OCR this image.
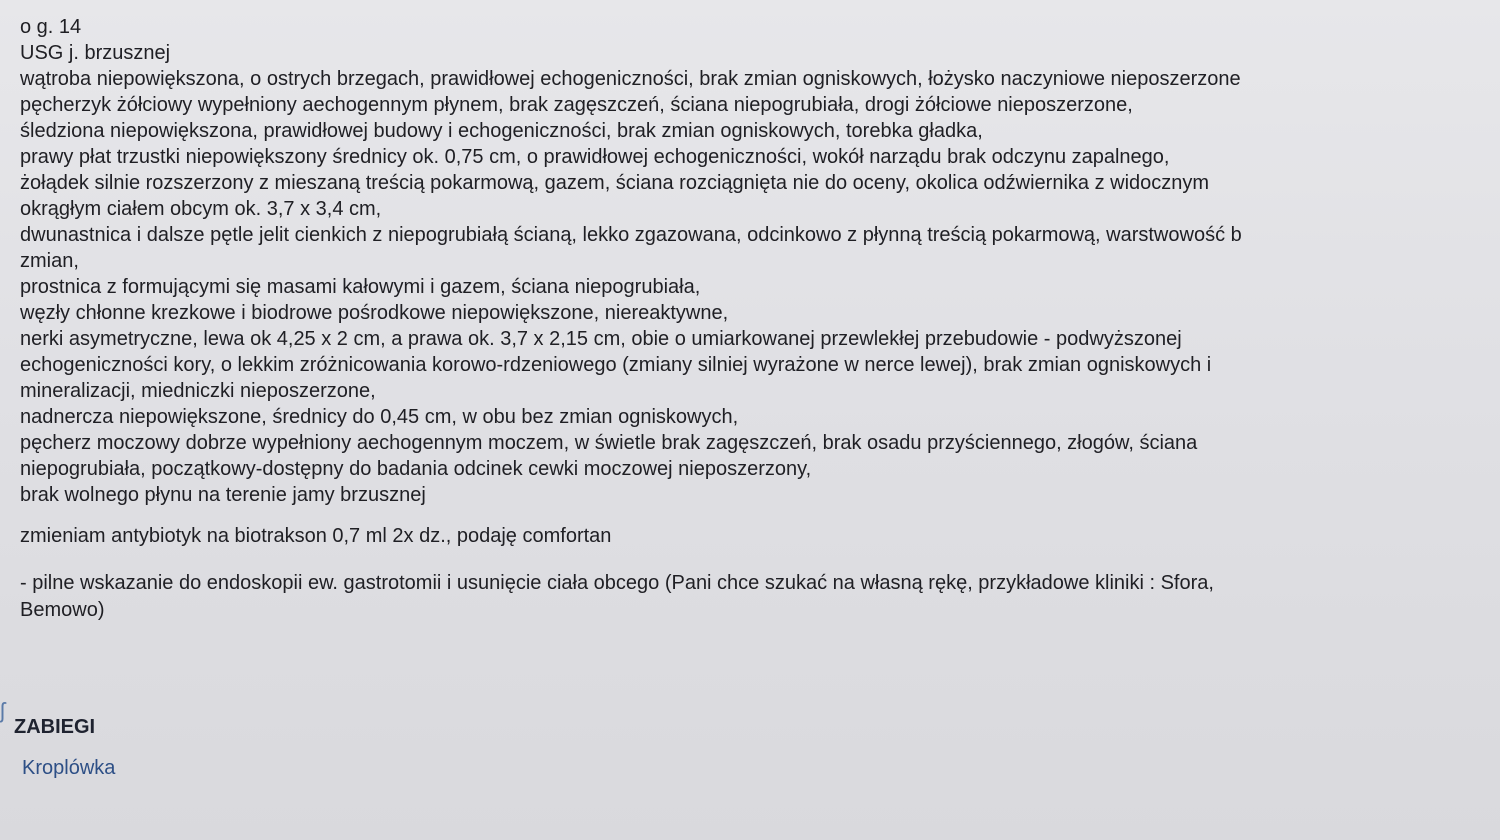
o g. 14
USG j. brzusznej
wątroba niepowiększona, o ostrych brzegach, prawidłowej echogeniczności, brak zmian ogniskowych, łożysko naczyniowe nieposzerzone
pęcherzyk żółciowy wypełniony aechogennym płynem, brak zagęszczeń, ściana niepogrubiała, drogi żółciowe nieposzerzone,
śledziona niepowiększona, prawidłowej budowy i echogeniczności, brak zmian ogniskowych, torebka gładka,
prawy płat trzustki niepowiększony średnicy ok. 0,75 cm, o prawidłowej echogeniczności, wokół narządu brak odczynu zapalnego,
żołądek silnie rozszerzony z mieszaną treścią pokarmową, gazem, ściana rozciągnięta nie do oceny, okolica odźwiernika z widocznym
okrągłym ciałem obcym ok. 3,7 x 3,4 cm,
dwunastnica i dalsze pętle jelit cienkich z niepogrubiałą ścianą, lekko zgazowana, odcinkowo z płynną treścią pokarmową, warstwowość b
zmian,
prostnica z formującymi się masami kałowymi i gazem, ściana niepogrubiała,
węzły chłonne krezkowe i biodrowe pośrodkowe niepowiększone, niereaktywne,
nerki asymetryczne, lewa ok 4,25 x 2 cm, a prawa ok. 3,7 x 2,15 cm, obie o umiarkowanej przewlekłej przebudowie - podwyższonej
echogeniczności kory, o lekkim zróżnicowania korowo-rdzeniowego (zmiany silniej wyrażone w nerce lewej), brak zmian ogniskowych i
mineralizacji, miedniczki nieposzerzone,
nadnercza niepowiększone, średnicy do 0,45 cm, w obu bez zmian ogniskowych,
pęcherz moczowy dobrze wypełniony aechogennym moczem, w świetle brak zagęszczeń, brak osadu przyściennego, złogów, ściana
niepogrubiała, początkowy-dostępny do badania odcinek cewki moczowej nieposzerzony,
brak wolnego płynu na terenie jamy brzusznej
zmieniam antybiotyk na biotrakson 0,7 ml 2x dz., podaję comfortan
- pilne wskazanie do endoskopii ew. gastrotomii i usunięcie ciała obcego (Pani chce szukać na własną rękę, przykładowe kliniki : Sfora,
Bemowo)
ʃ
ZABIEGI
Kroplówka
